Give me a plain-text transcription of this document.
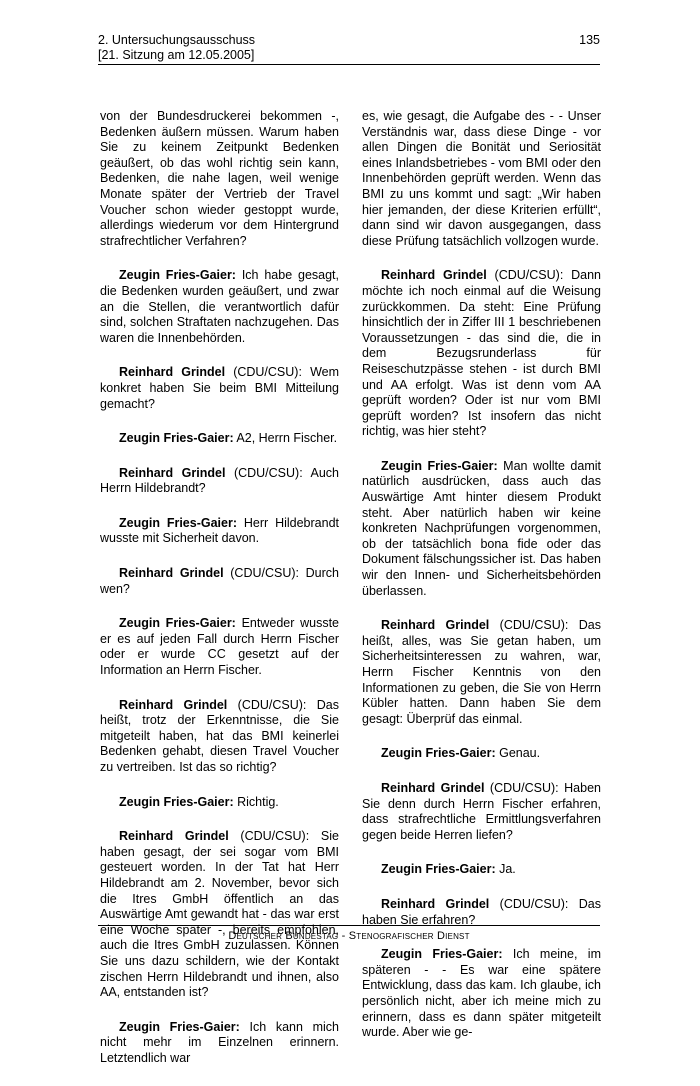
2. Untersuchungsausschuss
[21. Sitzung am 12.05.2005]
135

von der Bundesdruckerei bekommen -, Bedenken äußern müssen. Warum haben Sie zu keinem Zeitpunkt Bedenken geäußert, ob das wohl richtig sein kann, Bedenken, die nahe lagen, weil wenige Monate später der Vertrieb der Travel Voucher schon wieder gestoppt wurde, allerdings wiederum vor dem Hintergrund strafrechtlicher Verfahren?

Zeugin Fries-Gaier: Ich habe gesagt, die Bedenken wurden geäußert, und zwar an die Stellen, die verantwortlich dafür sind, solchen Straftaten nachzugehen. Das waren die Innenbehörden.

Reinhard Grindel (CDU/CSU): Wem konkret haben Sie beim BMI Mitteilung gemacht?

Zeugin Fries-Gaier: A2, Herrn Fischer.

Reinhard Grindel (CDU/CSU): Auch Herrn Hildebrandt?

Zeugin Fries-Gaier: Herr Hildebrandt wusste mit Sicherheit davon.

Reinhard Grindel (CDU/CSU): Durch wen?

Zeugin Fries-Gaier: Entweder wusste er es auf jeden Fall durch Herrn Fischer oder er wurde CC gesetzt auf der Information an Herrn Fischer.

Reinhard Grindel (CDU/CSU): Das heißt, trotz der Erkenntnisse, die Sie mitgeteilt haben, hat das BMI keinerlei Bedenken gehabt, diesen Travel Voucher zu vertreiben. Ist das so richtig?

Zeugin Fries-Gaier: Richtig.

Reinhard Grindel (CDU/CSU): Sie haben gesagt, der sei sogar vom BMI gesteuert worden. In der Tat hat Herr Hildebrandt am 2. November, bevor sich die Itres GmbH öffentlich an das Auswärtige Amt gewandt hat - das war erst eine Woche später -, bereits empfohlen, auch die Itres GmbH zuzulassen. Können Sie uns dazu schildern, wie der Kontakt zischen Herrn Hildebrandt und ihnen, also AA, entstanden ist?

Zeugin Fries-Gaier: Ich kann mich nicht mehr im Einzelnen erinnern. Letztendlich war

es, wie gesagt, die Aufgabe des - - Unser Verständnis war, dass diese Dinge - vor allen Dingen die Bonität und Seriosität eines Inlandsbetriebes - vom BMI oder den Innenbehörden geprüft werden. Wenn das BMI zu uns kommt und sagt: „Wir haben hier jemanden, der diese Kriterien erfüllt“, dann sind wir davon ausgegangen, dass diese Prüfung tatsächlich vollzogen wurde.

Reinhard Grindel (CDU/CSU): Dann möchte ich noch einmal auf die Weisung zurückkommen. Da steht: Eine Prüfung hinsichtlich der in Ziffer III 1 beschriebenen Voraussetzungen - das sind die, die in dem Bezugsrunderlass für Reiseschutzpässe stehen - ist durch BMI und AA erfolgt. Was ist denn vom AA geprüft worden? Oder ist nur vom BMI geprüft worden? Ist insofern das nicht richtig, was hier steht?

Zeugin Fries-Gaier: Man wollte damit natürlich ausdrücken, dass auch das Auswärtige Amt hinter diesem Produkt steht. Aber natürlich haben wir keine konkreten Nachprüfungen vorgenommen, ob der tatsächlich bona fide oder das Dokument fälschungssicher ist. Das haben wir den Innen- und Sicherheitsbehörden überlassen.

Reinhard Grindel (CDU/CSU): Das heißt, alles, was Sie getan haben, um Sicherheitsinteressen zu wahren, war, Herrn Fischer Kenntnis von den Informationen zu geben, die Sie von Herrn Kübler hatten. Dann haben Sie dem gesagt: Überprüf das einmal.

Zeugin Fries-Gaier: Genau.

Reinhard Grindel (CDU/CSU): Haben Sie denn durch Herrn Fischer erfahren, dass strafrechtliche Ermittlungsverfahren gegen beide Herren liefen?

Zeugin Fries-Gaier: Ja.

Reinhard Grindel (CDU/CSU): Das haben Sie erfahren?

Zeugin Fries-Gaier: Ich meine, im späteren - - Es war eine spätere Entwicklung, dass das kam. Ich glaube, ich persönlich nicht, aber ich meine mich zu erinnern, dass es dann später mitgeteilt wurde. Aber wie ge-

Deutscher Bundestag - Stenografischer Dienst
